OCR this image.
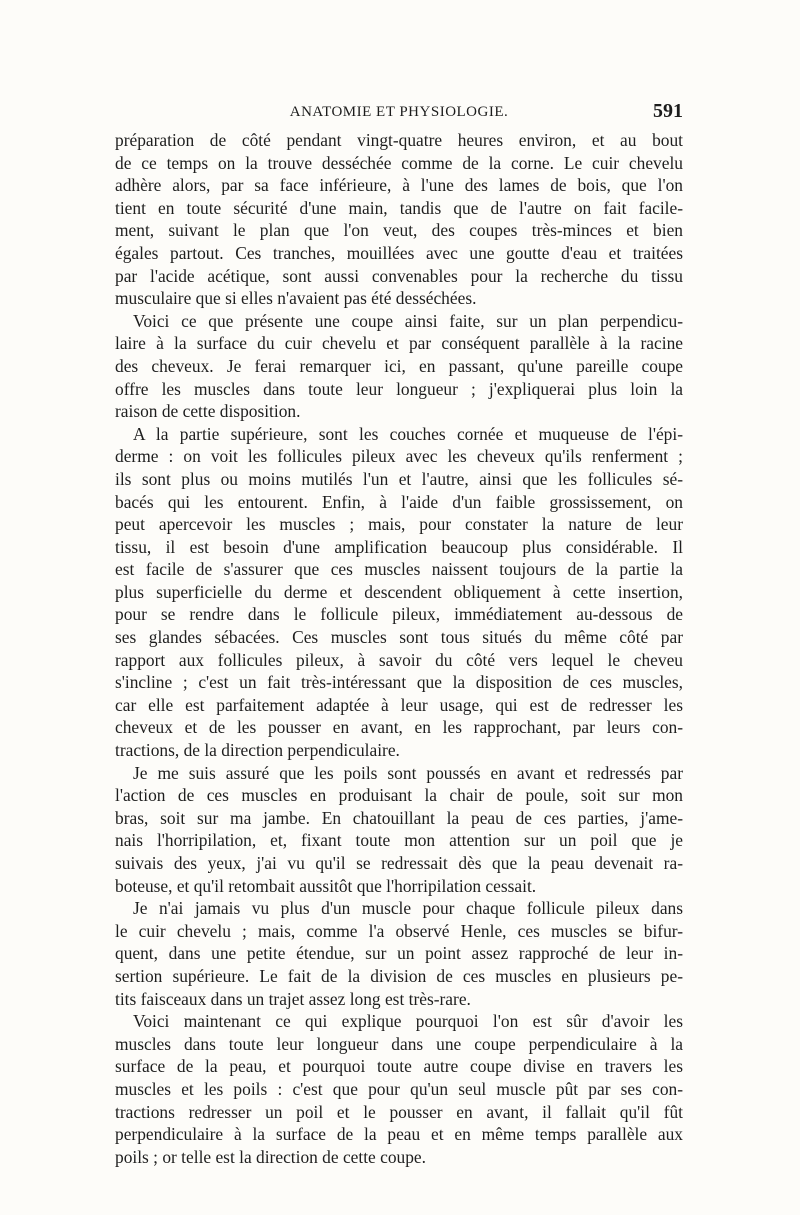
ANATOMIE ET PHYSIOLOGIE.	591
préparation de côté pendant vingt-quatre heures environ, et au bout
de ce temps on la trouve desséchée comme de la corne. Le cuir chevelu
adhère alors, par sa face inférieure, à l'une des lames de bois, que l'on
tient en toute sécurité d'une main, tandis que de l'autre on fait facile-
ment, suivant le plan que l'on veut, des coupes très-minces et bien
égales partout. Ces tranches, mouillées avec une goutte d'eau et traitées
par l'acide acétique, sont aussi convenables pour la recherche du tissu
musculaire que si elles n'avaient pas été desséchées.
Voici ce que présente une coupe ainsi faite, sur un plan perpendicu-
laire à la surface du cuir chevelu et par conséquent parallèle à la racine
des cheveux. Je ferai remarquer ici, en passant, qu'une pareille coupe
offre les muscles dans toute leur longueur ; j'expliquerai plus loin la
raison de cette disposition.
A la partie supérieure, sont les couches cornée et muqueuse de l'épi-
derme : on voit les follicules pileux avec les cheveux qu'ils renferment ;
ils sont plus ou moins mutilés l'un et l'autre, ainsi que les follicules sé-
bacés qui les entourent. Enfin, à l'aide d'un faible grossissement, on
peut apercevoir les muscles ; mais, pour constater la nature de leur
tissu, il est besoin d'une amplification beaucoup plus considérable. Il
est facile de s'assurer que ces muscles naissent toujours de la partie la
plus superficielle du derme et descendent obliquement à cette insertion,
pour se rendre dans le follicule pileux, immédiatement au-dessous de
ses glandes sébacées. Ces muscles sont tous situés du même côté par
rapport aux follicules pileux, à savoir du côté vers lequel le cheveu
s'incline ; c'est un fait très-intéressant que la disposition de ces muscles,
car elle est parfaitement adaptée à leur usage, qui est de redresser les
cheveux et de les pousser en avant, en les rapprochant, par leurs con-
tractions, de la direction perpendiculaire.
Je me suis assuré que les poils sont poussés en avant et redressés par
l'action de ces muscles en produisant la chair de poule, soit sur mon
bras, soit sur ma jambe. En chatouillant la peau de ces parties, j'ame-
nais l'horripilation, et, fixant toute mon attention sur un poil que je
suivais des yeux, j'ai vu qu'il se redressait dès que la peau devenait ra-
boteuse, et qu'il retombait aussitôt que l'horripilation cessait.
Je n'ai jamais vu plus d'un muscle pour chaque follicule pileux dans
le cuir chevelu ; mais, comme l'a observé Henle, ces muscles se bifur-
quent, dans une petite étendue, sur un point assez rapproché de leur in-
sertion supérieure. Le fait de la division de ces muscles en plusieurs pe-
tits faisceaux dans un trajet assez long est très-rare.
Voici maintenant ce qui explique pourquoi l'on est sûr d'avoir les
muscles dans toute leur longueur dans une coupe perpendiculaire à la
surface de la peau, et pourquoi toute autre coupe divise en travers les
muscles et les poils : c'est que pour qu'un seul muscle pût par ses con-
tractions redresser un poil et le pousser en avant, il fallait qu'il fût
perpendiculaire à la surface de la peau et en même temps parallèle aux
poils ; or telle est la direction de cette coupe.
